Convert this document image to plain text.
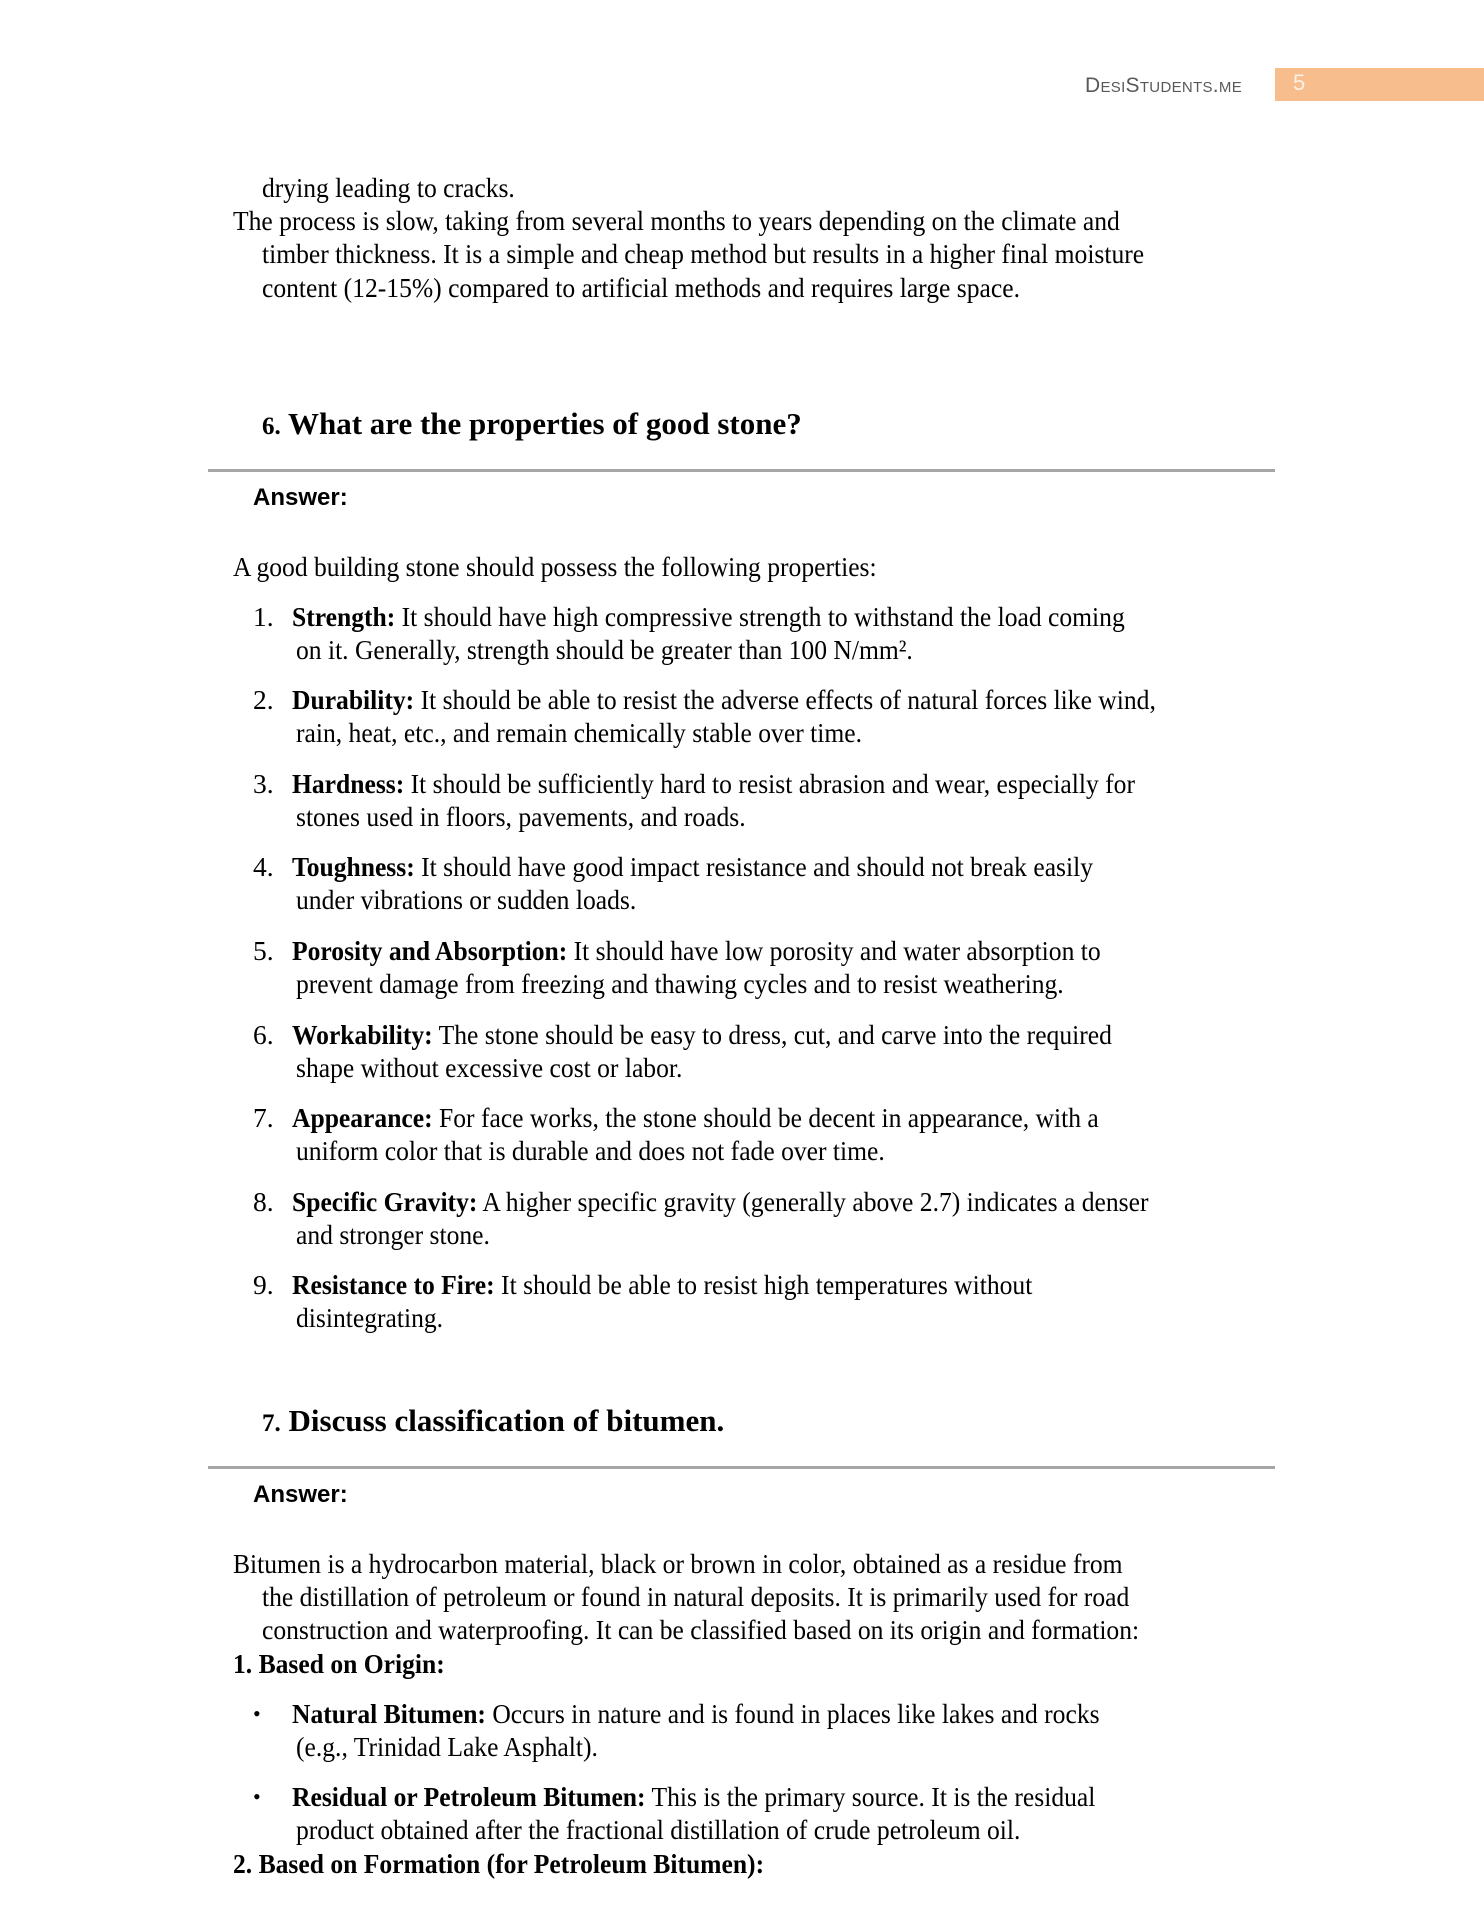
DesiStudents.me 5
drying leading to cracks.
The process is slow, taking from several months to years depending on the climate and
timber thickness. It is a simple and cheap method but results in a higher final moisture
content (12-15%) compared to artificial methods and requires large space.
6. What are the properties of good stone?
Answer:
A good building stone should possess the following properties:
1. Strength: It should have high compressive strength to withstand the load coming
on it. Generally, strength should be greater than 100 N/mm².
2. Durability: It should be able to resist the adverse effects of natural forces like wind,
rain, heat, etc., and remain chemically stable over time.
3. Hardness: It should be sufficiently hard to resist abrasion and wear, especially for
stones used in floors, pavements, and roads.
4. Toughness: It should have good impact resistance and should not break easily
under vibrations or sudden loads.
5. Porosity and Absorption: It should have low porosity and water absorption to
prevent damage from freezing and thawing cycles and to resist weathering.
6. Workability: The stone should be easy to dress, cut, and carve into the required
shape without excessive cost or labor.
7. Appearance: For face works, the stone should be decent in appearance, with a
uniform color that is durable and does not fade over time.
8. Specific Gravity: A higher specific gravity (generally above 2.7) indicates a denser
and stronger stone.
9. Resistance to Fire: It should be able to resist high temperatures without
disintegrating.
7. Discuss classification of bitumen.
Answer:
Bitumen is a hydrocarbon material, black or brown in color, obtained as a residue from
the distillation of petroleum or found in natural deposits. It is primarily used for road
construction and waterproofing. It can be classified based on its origin and formation:
1. Based on Origin:
• Natural Bitumen: Occurs in nature and is found in places like lakes and rocks
(e.g., Trinidad Lake Asphalt).
• Residual or Petroleum Bitumen: This is the primary source. It is the residual
product obtained after the fractional distillation of crude petroleum oil.
2. Based on Formation (for Petroleum Bitumen):
